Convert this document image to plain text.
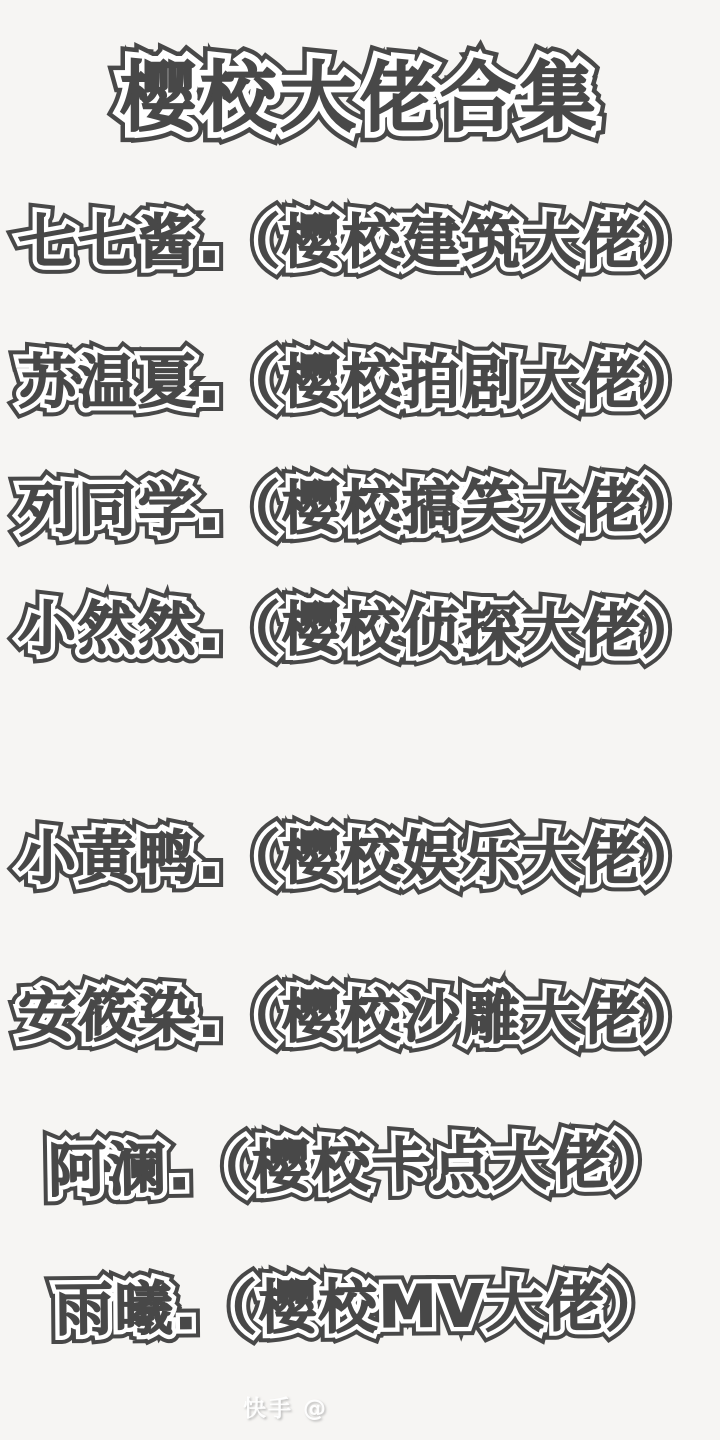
樱校大佬合集 樱校大佬合集 樱校大佬合集
七七酱.（樱校建筑大佬） 七七酱.（樱校建筑大佬） 七七酱.（樱校建筑大佬）
苏温夏.（樱校拍剧大佬） 苏温夏.（樱校拍剧大佬） 苏温夏.（樱校拍剧大佬）
列同学.（樱校搞笑大佬） 列同学.（樱校搞笑大佬） 列同学.（樱校搞笑大佬）
小然然.（樱校侦探大佬） 小然然.（樱校侦探大佬） 小然然.（樱校侦探大佬）
小黄鸭.（樱校娱乐大佬） 小黄鸭.（樱校娱乐大佬） 小黄鸭.（樱校娱乐大佬）
安筱染.（樱校沙雕大佬） 安筱染.（樱校沙雕大佬） 安筱染.（樱校沙雕大佬）
阿澜.（樱校卡点大佬） 阿澜.（樱校卡点大佬） 阿澜.（樱校卡点大佬）
雨曦.（樱校MV大佬） 雨曦.（樱校MV大佬） 雨曦.（樱校MV大佬）
快手 @
